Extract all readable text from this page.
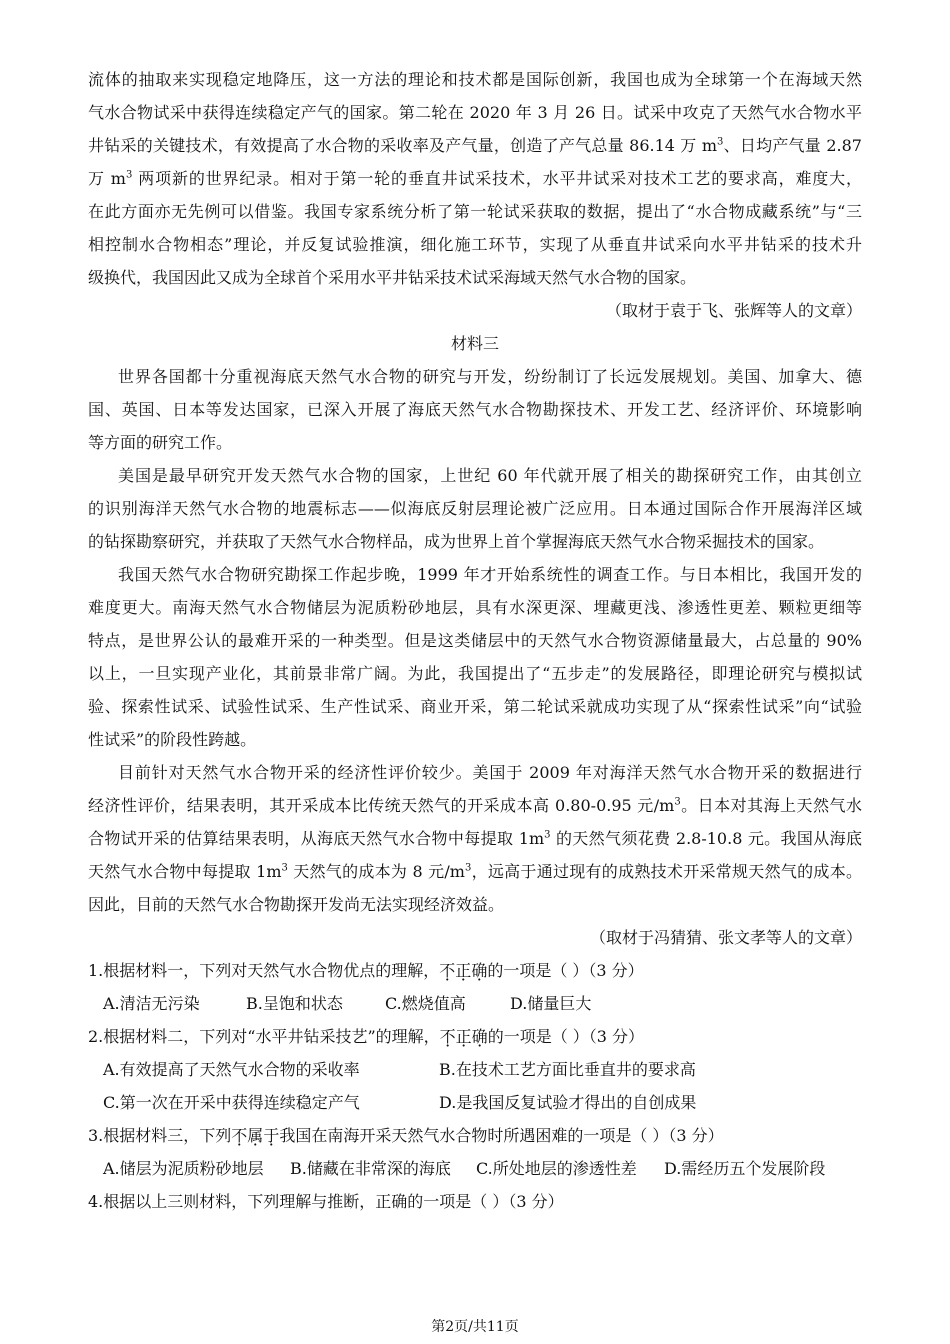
流体的抽取来实现稳定地降压，这一方法的理论和技术都是国际创新，我国也成为全球第一个在海域天然
气水合物试采中获得连续稳定产气的国家。第二轮在 2020 年 3 月 26 日。试采中攻克了天然气水合物水平
井钻采的关键技术，有效提高了水合物的采收率及产气量，创造了产气总量 86.14 万 $m^3$、日均产气量 2.87
万 $m^3$ 两项新的世界纪录。相对于第一轮的垂直井试采技术，水平井试采对技术工艺的要求高，难度大，
在此方面亦无先例可以借鉴。我国专家系统分析了第一轮试采获取的数据，提出了“水合物成藏系统”与“三
相控制水合物相态”理论，并反复试验推演，细化施工环节，实现了从垂直井试采向水平井钻采的技术升
级换代，我国因此又成为全球首个采用水平井钻采技术试采海域天然气水合物的国家。
（取材于袁于飞、张辉等人的文章）
材料三
世界各国都十分重视海底天然气水合物的研究与开发，纷纷制订了长远发展规划。美国、加拿大、德
国、英国、日本等发达国家，已深入开展了海底天然气水合物勘探技术、开发工艺、经济评价、环境影响
等方面的研究工作。
美国是最早研究开发天然气水合物的国家，上世纪 60 年代就开展了相关的勘探研究工作，由其创立
的识别海洋天然气水合物的地震标志——似海底反射层理论被广泛应用。日本通过国际合作开展海洋区域
的钻探勘察研究，并获取了天然气水合物样品，成为世界上首个掌握海底天然气水合物采掘技术的国家。
我国天然气水合物研究勘探工作起步晚，1999 年才开始系统性的调查工作。与日本相比，我国开发的
难度更大。南海天然气水合物储层为泥质粉砂地层，具有水深更深、埋藏更浅、渗透性更差、颗粒更细等
特点，是世界公认的最难开采的一种类型。但是这类储层中的天然气水合物资源储量最大，占总量的 90%
以上，一旦实现产业化，其前景非常广阔。为此，我国提出了“五步走”的发展路径，即理论研究与模拟试
验、探索性试采、试验性试采、生产性试采、商业开采，第二轮试采就成功实现了从“探索性试采”向“试验
性试采”的阶段性跨越。
目前针对天然气水合物开采的经济性评价较少。美国于 2009 年对海洋天然气水合物开采的数据进行
经济性评价，结果表明，其开采成本比传统天然气的开采成本高 0.80-0.95 元$/m^3$。日本对其海上天然气水
合物试开采的估算结果表明，从海底天然气水合物中每提取 $1m^3$ 的天然气须花费 2.8-10.8 元。我国从海底
天然气水合物中每提取 $1m^3$ 天然气的成本为 8 元$/m^3$，远高于通过现有的成熟技术开采常规天然气的成本。
因此，目前的天然气水合物勘探开发尚无法实现经济效益。
（取材于冯猜猜、张文孝等人的文章）
1.根据材料一，下列对天然气水合物优点的理解，不正确的一项是（ ）（3 分）
A.清洁无污染	B.呈饱和状态	C.燃烧值高	D.储量巨大
2.根据材料二，下列对“水平井钻采技艺”的理解，不正确的一项是（ ）（3 分）
A.有效提高了天然气水合物的采收率	B.在技术工艺方面比垂直井的要求高
C.第一次在开采中获得连续稳定产气	D.是我国反复试验才得出的自创成果
3.根据材料三，下列不属于我国在南海开采天然气水合物时所遇困难的一项是（ ）（3 分）
A.储层为泥质粉砂地层 B.储藏在非常深的海底 C.所处地层的渗透性差 D.需经历五个发展阶段
4.根据以上三则材料，下列理解与推断，正确的一项是（ ）（3 分）
第2页/共11页
